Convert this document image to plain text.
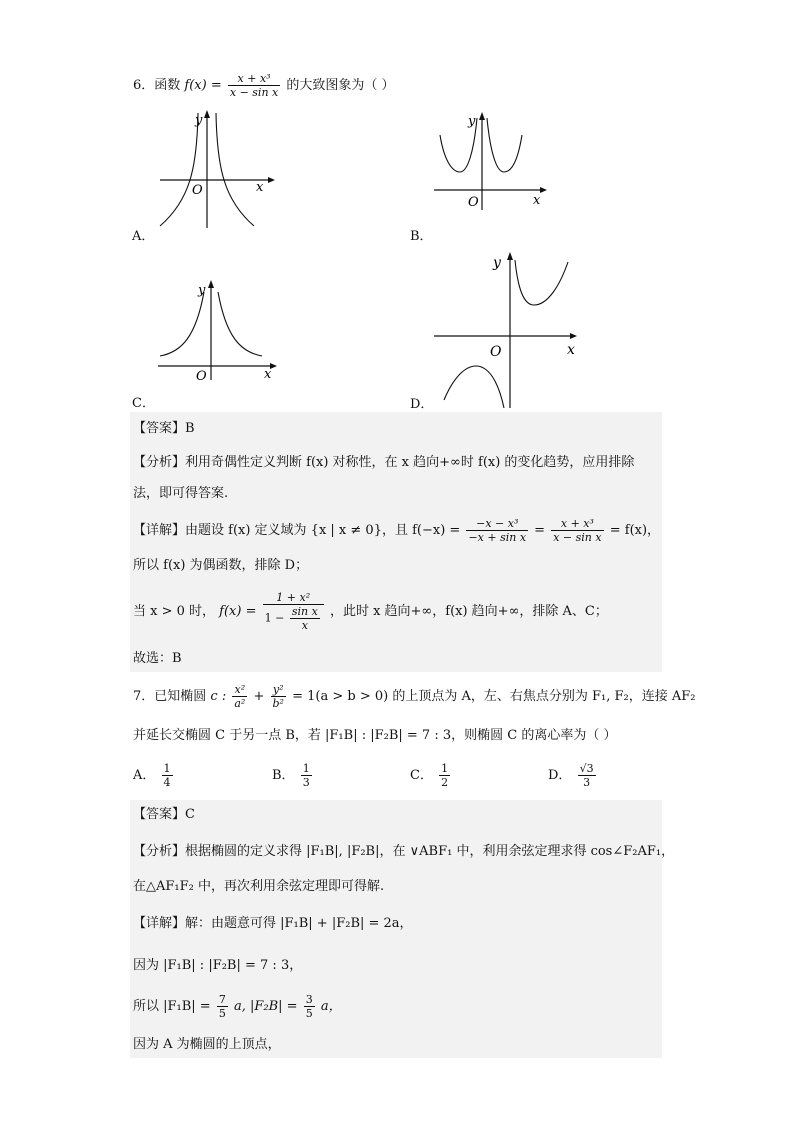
6．函数 $f(x) = \frac{\text{x + x³}}{\text{x − sin x}}$ 的大致图象为（ ）
y
x
O
A．
y
x
O
B．
y
x
O
C．
y
x
O
D．
【答案】B
【分析】利用奇偶性定义判断 f(x) 对称性，在 x 趋向+∞时 f(x) 的变化趋势，应用排除
法，即可得答案.
【详解】由题设 f(x) 定义域为 {x | x ≠ 0}，且 $f(-x) = \frac{\text{−x − x³}}{\text{−x + sin x}} = \frac{\text{x + x³}}{\text{x − sin x}} = f(x)$，
所以 f(x) 为偶函数，排除 D；
当 x > 0 时， $f(x) = \frac{\text{1 + x²}}{1 - \frac{\text{sin x}}{x}}$ ，此时 x 趋向+∞，f(x) 趋向+∞，排除 A、C；
故选：B
7．已知椭圆 c : $\frac{\text{x²}}{\text{a²}} + \frac{\text{y²}}{\text{b²}} = 1(a > b > 0)$ 的上顶点为 A，左、右焦点分别为 F₁, F₂，连接 AF₂
并延长交椭圆 C 于另一点 B，若 |F₁B| : |F₂B| = 7 : 3，则椭圆 C 的离心率为（ ）
A． $\frac{1}{4}$	B． $\frac{1}{3}$	C． $\frac{1}{2}$	D． $\frac{√3}{3}$
【答案】C
【分析】根据椭圆的定义求得 |F₁B|, |F₂B|，在 ∨ABF₁ 中，利用余弦定理求得 cos∠F₂AF₁，
在△AF₁F₂ 中，再次利用余弦定理即可得解.
【详解】解：由题意可得 |F₁B| + |F₂B| = 2a，
因为 |F₁B| : |F₂B| = 7 : 3，
所以 $|F_1B| = \frac{7}{5} a$, $|F_2B| = \frac{3}{5}$ a，
因为 A 为椭圆的上顶点，
